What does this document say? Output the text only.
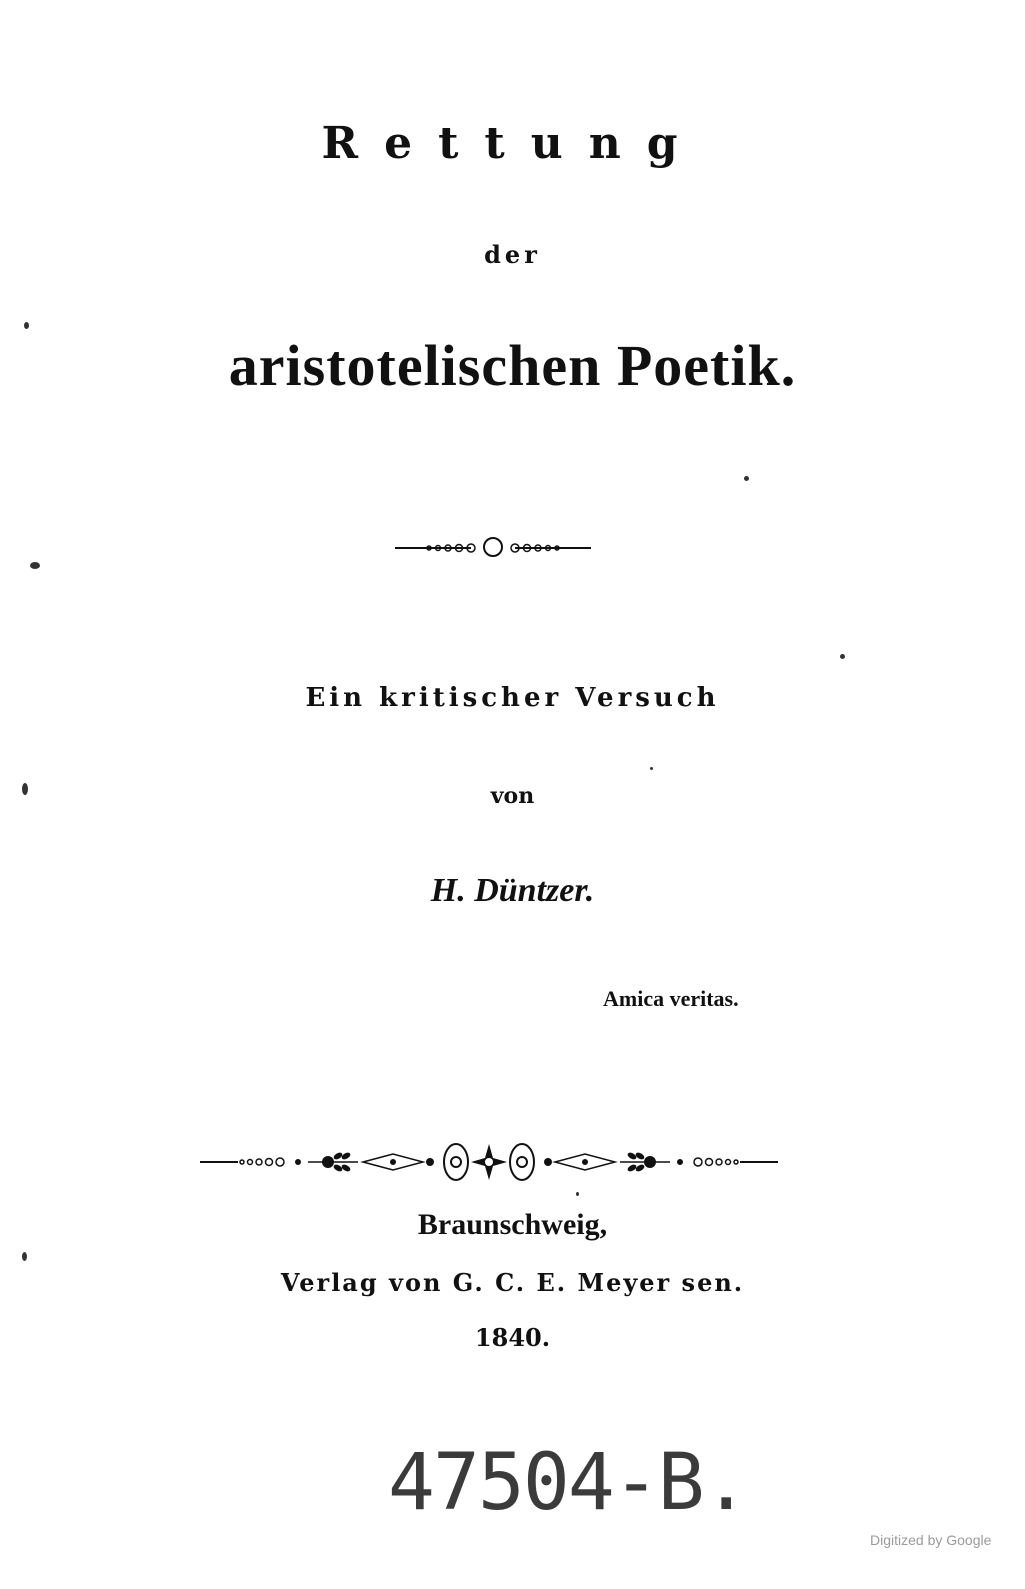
Rettung
der
aristotelischen Poetik.
Ein kritischer Versuch
von
H. Düntzer.
Amica veritas.
Braunschweig,
Verlag von G. C. E. Meyer sen.
1840.
47504-B.
Digitized by Google
